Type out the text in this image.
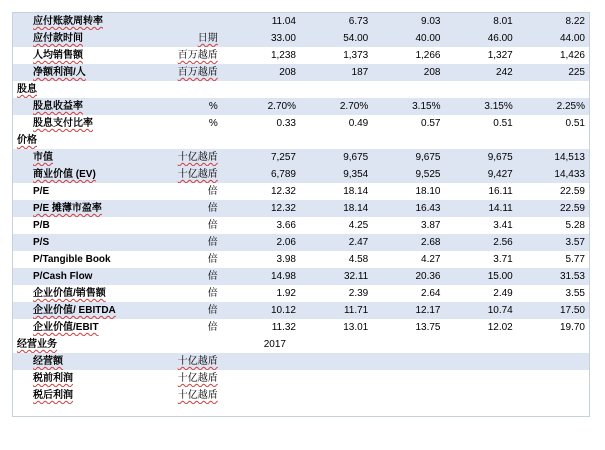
应付账款周转率		11.04	6.73	9.03	8.01	8.22
应付款时间	日期	33.00	54.00	40.00	46.00	44.00
人均销售额	百万越盾	1,238	1,373	1,266	1,327	1,426
净额利润/人	百万越盾	208	187	208	242	225
股息						
股息收益率	%	2.70%	2.70%	3.15%	3.15%	2.25%
股息支付比率	%	0.33	0.49	0.57	0.51	0.51
价格						
市值	十亿越盾	7,257	9,675	9,675	9,675	14,513
商业价值 (EV)	十亿越盾	6,789	9,354	9,525	9,427	14,433
P/E	倍	12.32	18.14	18.10	16.11	22.59
P/E 摊薄市盈率	倍	12.32	18.14	16.43	14.11	22.59
P/B	倍	3.66	4.25	3.87	3.41	5.28
P/S	倍	2.06	2.47	2.68	2.56	3.57
P/Tangible Book	倍	3.98	4.58	4.27	3.71	5.77
P/Cash Flow	倍	14.98	32.11	20.36	15.00	31.53
企业价值/销售额	倍	1.92	2.39	2.64	2.49	3.55
企业价值/ EBITDA	倍	10.12	11.71	12.17	10.74	17.50
企业价值/EBIT	倍	11.32	13.01	13.75	12.02	19.70
经营业务		2017				
经营额	十亿越盾					
税前利润	十亿越盾					
税后利润	十亿越盾					
